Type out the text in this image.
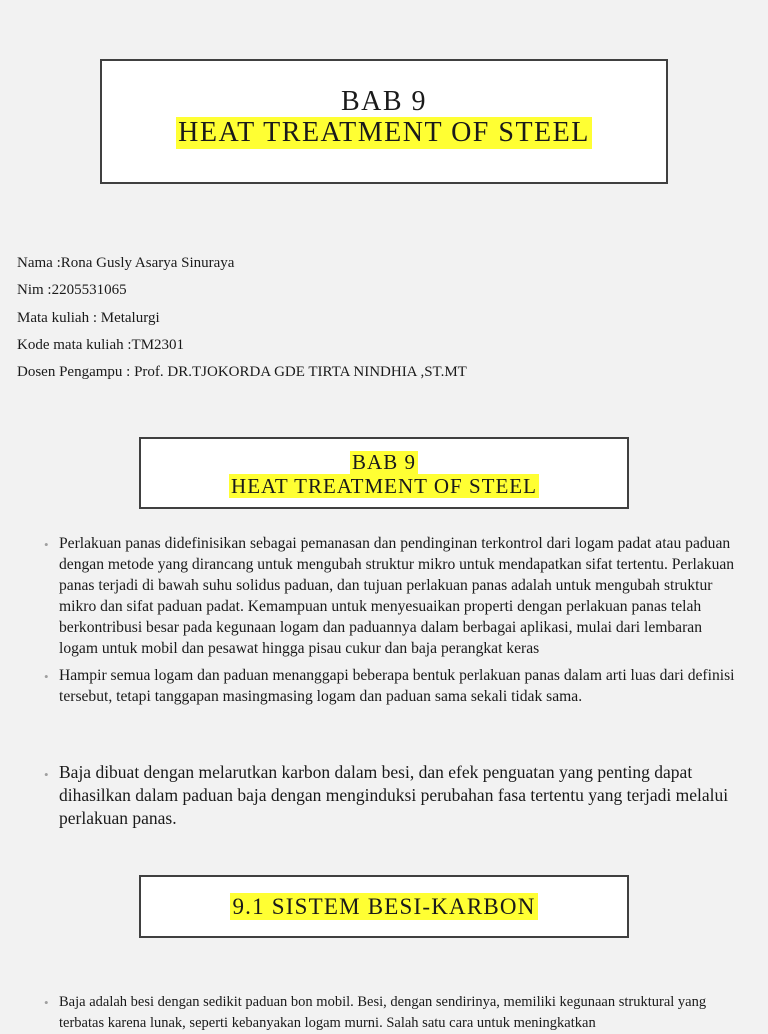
BAB 9
HEAT TREATMENT OF STEEL
Nama :Rona Gusly Asarya Sinuraya
Nim :2205531065
Mata kuliah : Metalurgi
Kode mata kuliah :TM2301
Dosen Pengampu : Prof. DR.TJOKORDA GDE TIRTA NINDHIA ,ST.MT
BAB 9
HEAT TREATMENT OF STEEL
• Perlakuan panas didefinisikan sebagai pemanasan dan pendinginan terkontrol dari logam padat atau paduan dengan metode yang dirancang untuk mengubah struktur mikro untuk mendapatkan sifat tertentu. Perlakuan panas terjadi di bawah suhu solidus paduan, dan tujuan perlakuan panas adalah untuk mengubah struktur mikro dan sifat paduan padat. Kemampuan untuk menyesuaikan properti dengan perlakuan panas telah berkontribusi besar pada kegunaan logam dan paduannya dalam berbagai aplikasi, mulai dari lembaran logam untuk mobil dan pesawat hingga pisau cukur dan baja perangkat keras
• Hampir semua logam dan paduan menanggapi beberapa bentuk perlakuan panas dalam arti luas dari definisi tersebut, tetapi tanggapan masingmasing logam dan paduan sama sekali tidak sama.
• Baja dibuat dengan melarutkan karbon dalam besi, dan efek penguatan yang penting dapat dihasilkan dalam paduan baja dengan menginduksi perubahan fasa tertentu yang terjadi melalui perlakuan panas.
9.1 SISTEM BESI-KARBON
• Baja adalah besi dengan sedikit paduan bon mobil. Besi, dengan sendirinya, memiliki kegunaan struktural yang terbatas karena lunak, seperti kebanyakan logam murni. Salah satu cara untuk meningkatkan
